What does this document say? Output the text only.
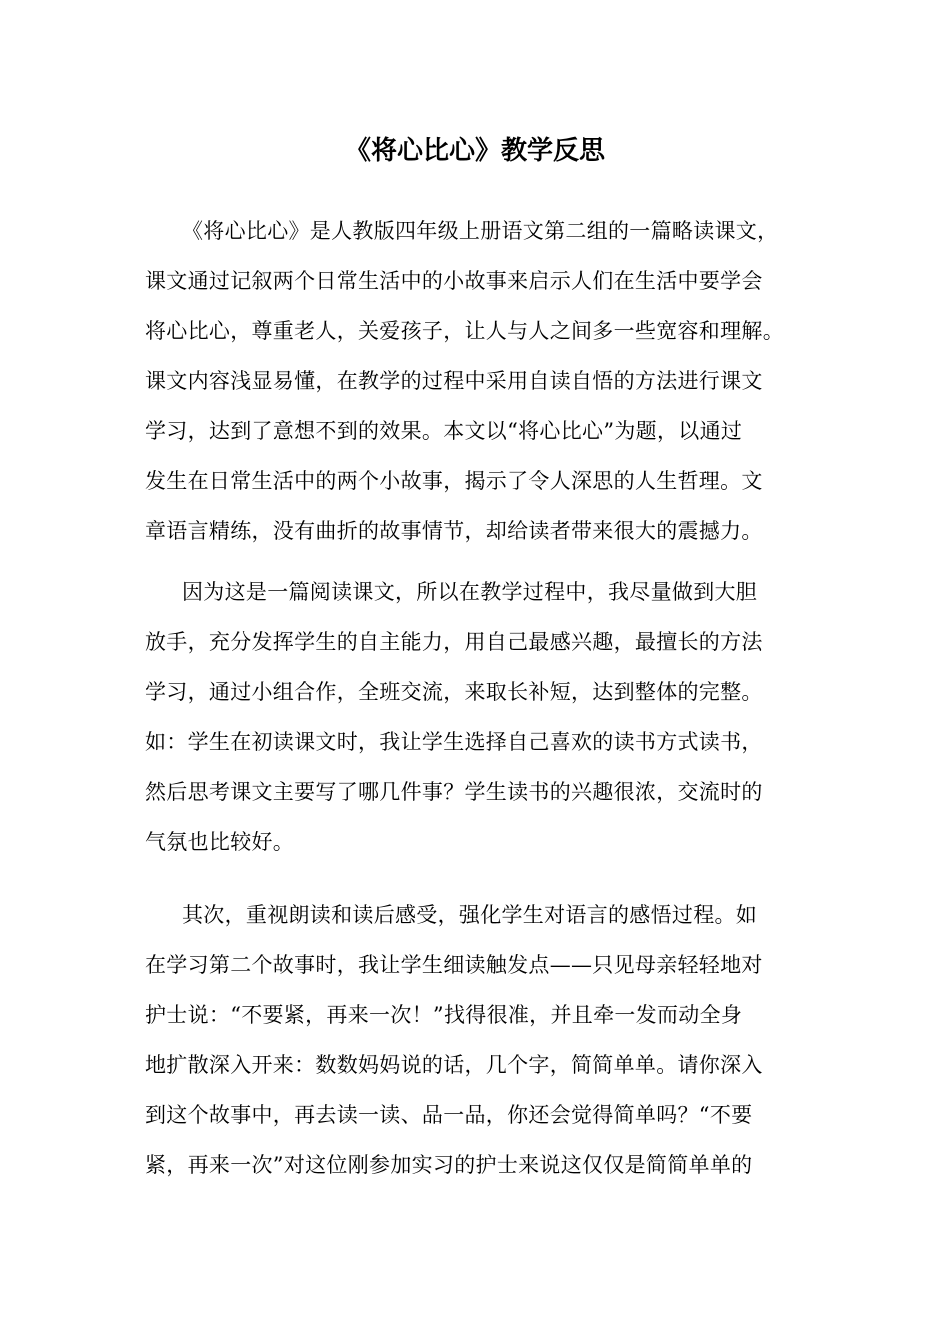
《将心比心》教学反思
《将心比心》是人教版四年级上册语文第二组的一篇略读课文，
课文通过记叙两个日常生活中的小故事来启示人们在生活中要学会
将心比心，尊重老人，关爱孩子，让人与人之间多一些宽容和理解。
课文内容浅显易懂，在教学的过程中采用自读自悟的方法进行课文
学习，达到了意想不到的效果。本文以“将心比心”为题，以通过
发生在日常生活中的两个小故事，揭示了令人深思的人生哲理。文
章语言精练，没有曲折的故事情节，却给读者带来很大的震撼力。
因为这是一篇阅读课文，所以在教学过程中，我尽量做到大胆
放手，充分发挥学生的自主能力，用自己最感兴趣，最擅长的方法
学习，通过小组合作，全班交流，来取长补短，达到整体的完整。
如：学生在初读课文时，我让学生选择自己喜欢的读书方式读书，
然后思考课文主要写了哪几件事？学生读书的兴趣很浓，交流时的
气氛也比较好。
其次，重视朗读和读后感受，强化学生对语言的感悟过程。如
在学习第二个故事时，我让学生细读触发点——只见母亲轻轻地对
护士说：“不要紧，再来一次！”找得很准，并且牵一发而动全身
地扩散深入开来：数数妈妈说的话，几个字，简简单单。请你深入
到这个故事中，再去读一读、品一品，你还会觉得简单吗？“不要
紧，再来一次”对这位刚参加实习的护士来说这仅仅是简简单单的
